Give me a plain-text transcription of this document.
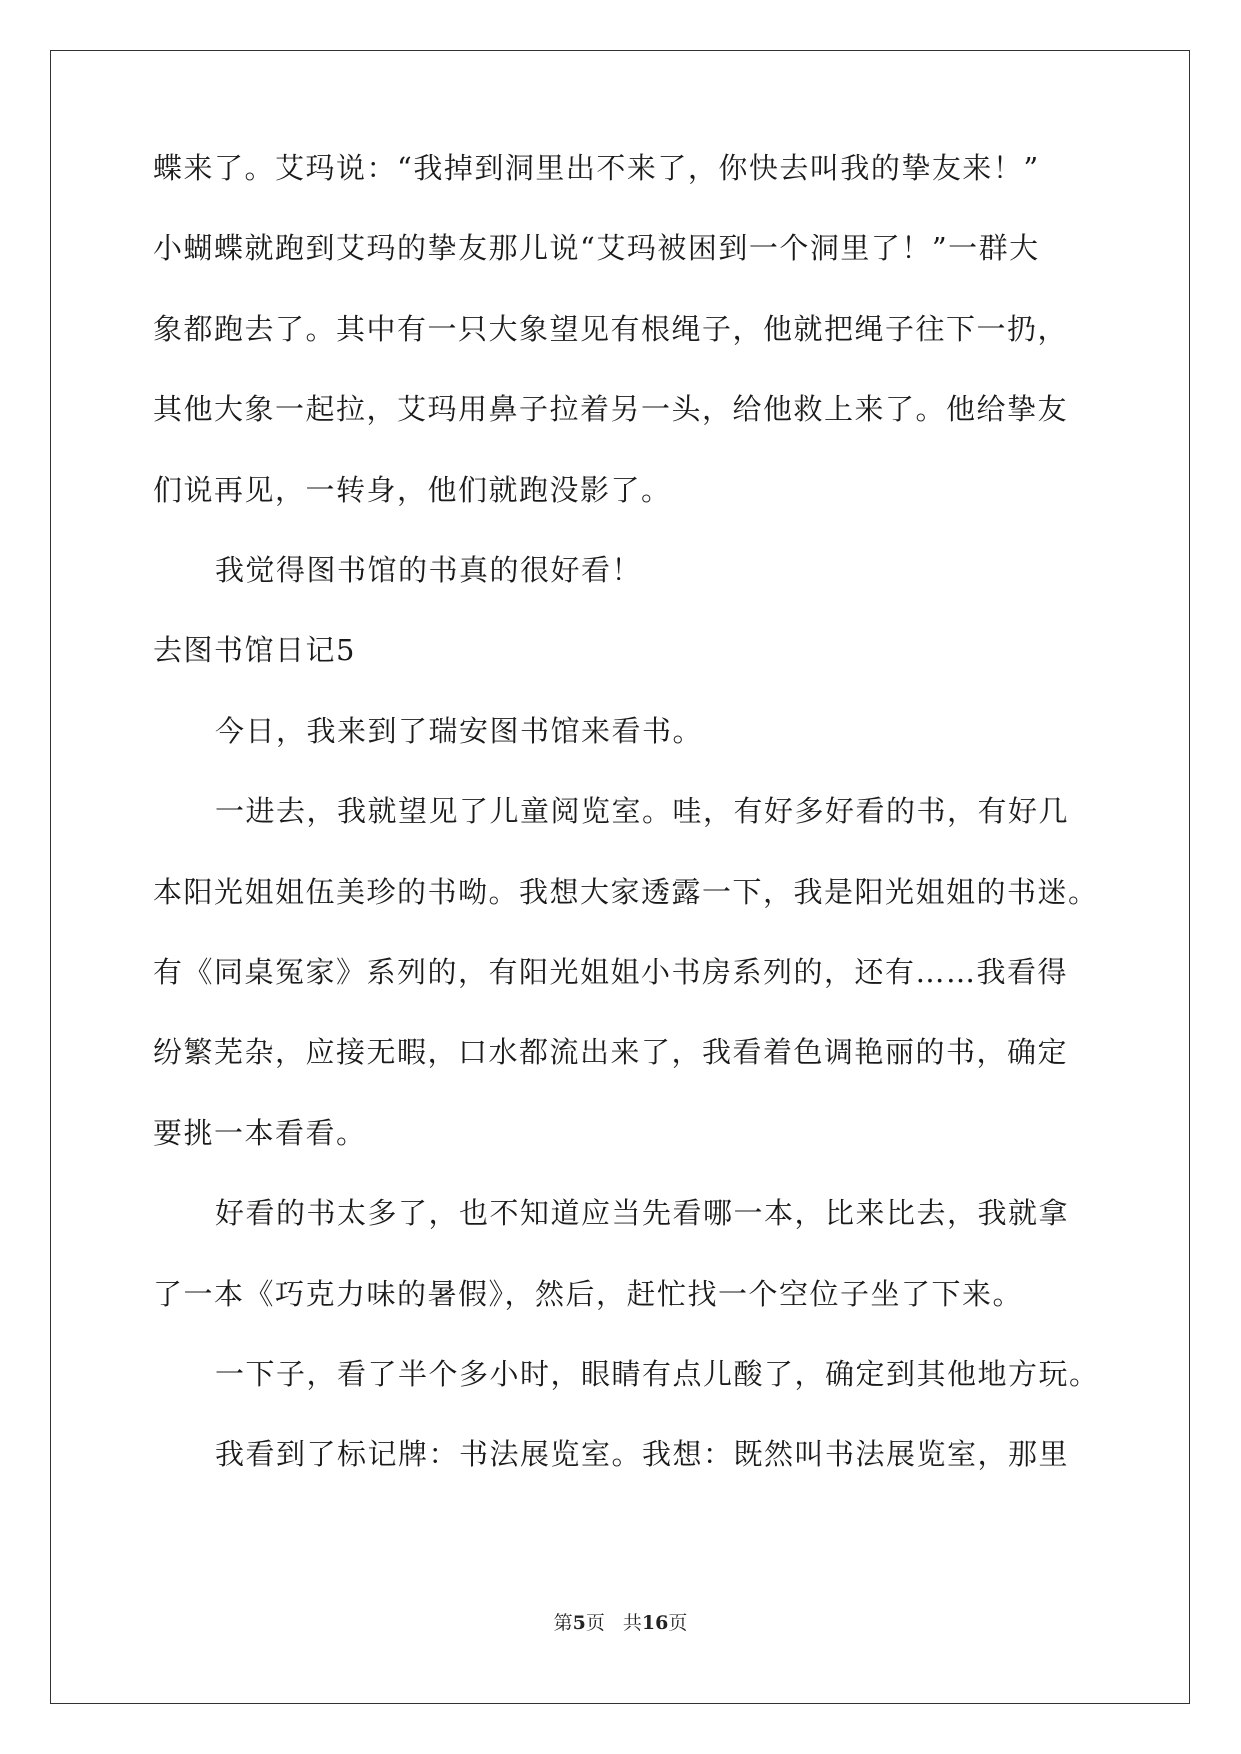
蝶来了。艾玛说：“我掉到洞里出不来了，你快去叫我的挚友来！”
小蝴蝶就跑到艾玛的挚友那儿说“艾玛被困到一个洞里了！”一群大
象都跑去了。其中有一只大象望见有根绳子，他就把绳子往下一扔，
其他大象一起拉，艾玛用鼻子拉着另一头，给他救上来了。他给挚友
们说再见，一转身，他们就跑没影了。
我觉得图书馆的书真的很好看！
去图书馆日记5
今日，我来到了瑞安图书馆来看书。
一进去，我就望见了儿童阅览室。哇，有好多好看的书，有好几
本阳光姐姐伍美珍的书呦。我想大家透露一下，我是阳光姐姐的书迷。
有《同桌冤家》系列的，有阳光姐姐小书房系列的，还有……我看得
纷繁芜杂，应接无暇，口水都流出来了，我看着色调艳丽的书，确定
要挑一本看看。
好看的书太多了，也不知道应当先看哪一本，比来比去，我就拿
了一本《巧克力味的暑假》，然后，赶忙找一个空位子坐了下来。
一下子，看了半个多小时，眼睛有点儿酸了，确定到其他地方玩。
我看到了标记牌：书法展览室。我想：既然叫书法展览室，那里
第5页 共16页
